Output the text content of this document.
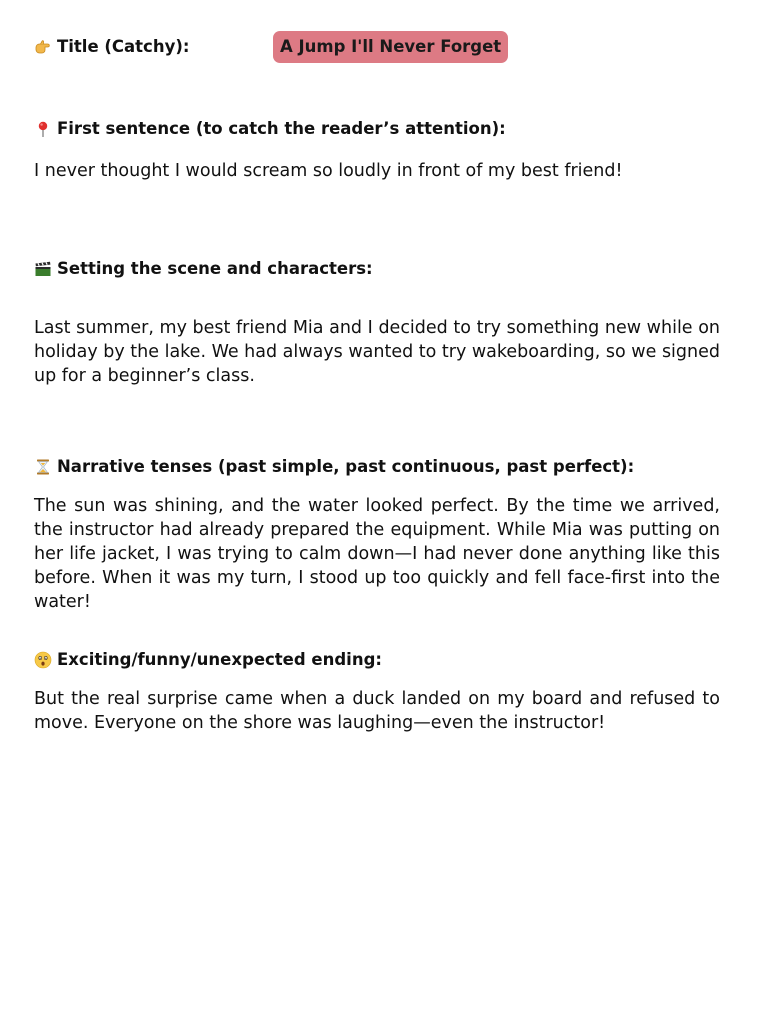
Title (Catchy):	A Jump I'll Never Forget
First sentence (to catch the reader’s attention):

I never thought I would scream so loudly in front of my best friend!

Setting the scene and characters:

Last summer, my best friend Mia and I decided to try something new while on holiday by the lake. We had always wanted to try wakeboarding, so we signed up for a beginner’s class.

Narrative tenses (past simple, past continuous, past perfect):

The sun was shining, and the water looked perfect. By the time we arrived, the instructor had already prepared the equipment. While Mia was putting on her life jacket, I was trying to calm down—I had never done anything like this before. When it was my turn, I stood up too quickly and fell face-first into the water!

Exciting/funny/unexpected ending:

But the real surprise came when a duck landed on my board and refused to move. Everyone on the shore was laughing—even the instructor!
